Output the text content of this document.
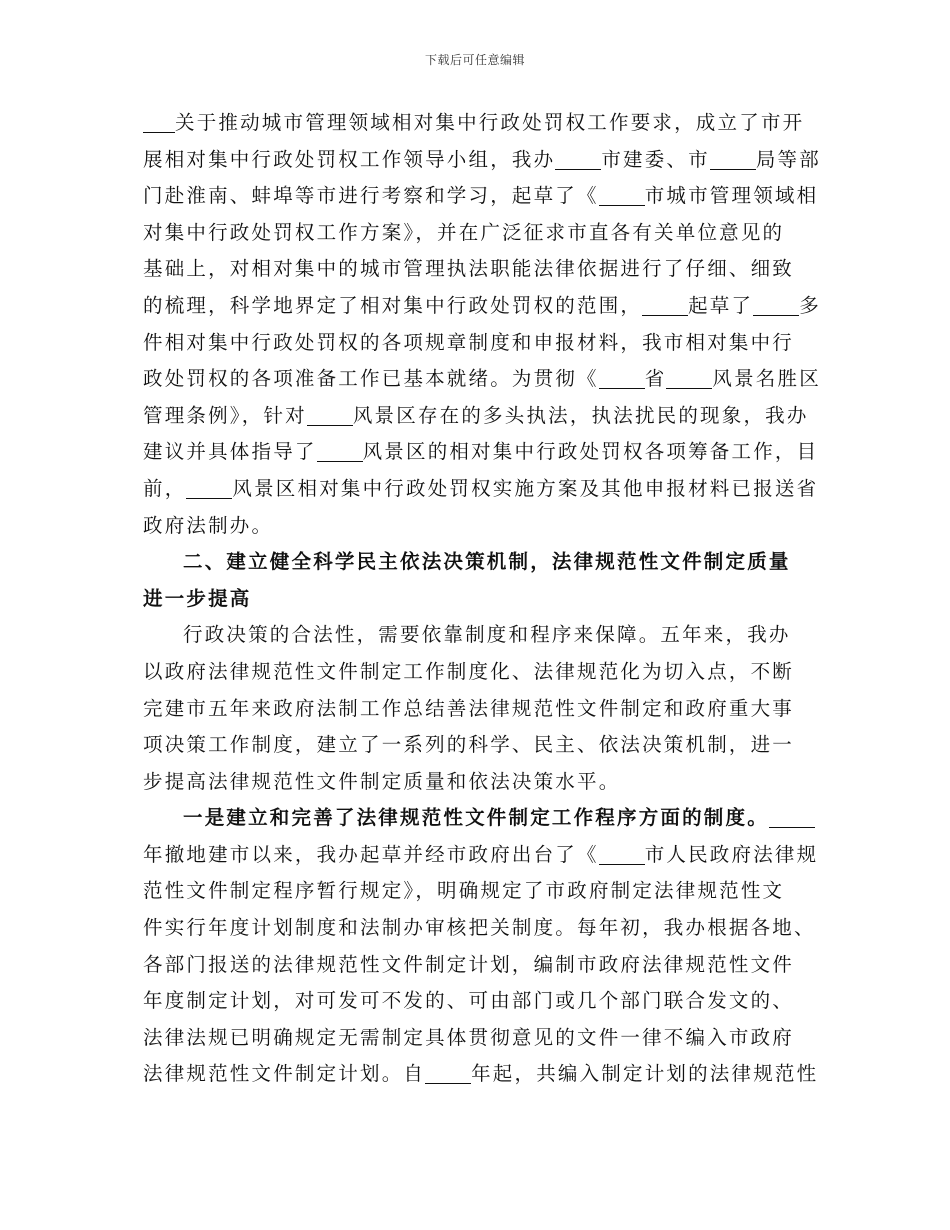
下载后可任意编辑
关于推动城市管理领域相对集中行政处罚权工作要求，成立了市开
展相对集中行政处罚权工作领导小组，我办 市建委、市 局等部
门赴淮南、蚌埠等市进行考察和学习，起草了《 市城市管理领域相
对集中行政处罚权工作方案》，并在广泛征求市直各有关单位意见的
基础上，对相对集中的城市管理执法职能法律依据进行了仔细、细致
的梳理，科学地界定了相对集中行政处罚权的范围， 起草了 多
件相对集中行政处罚权的各项规章制度和申报材料，我市相对集中行
政处罚权的各项准备工作已基本就绪。为贯彻《 省 风景名胜区
管理条例》，针对 风景区存在的多头执法，执法扰民的现象，我办
建议并具体指导了 风景区的相对集中行政处罚权各项筹备工作，目
前， 风景区相对集中行政处罚权实施方案及其他申报材料已报送省
政府法制办。
二、建立健全科学民主依法决策机制，法律规范性文件制定质量
进一步提高
行政决策的合法性，需要依靠制度和程序来保障。五年来，我办
以政府法律规范性文件制定工作制度化、法律规范化为切入点，不断
完建市五年来政府法制工作总结善法律规范性文件制定和政府重大事
项决策工作制度，建立了一系列的科学、民主、依法决策机制，进一
步提高法律规范性文件制定质量和依法决策水平。
一是建立和完善了法律规范性文件制定工作程序方面的制度。
年撤地建市以来，我办起草并经市政府出台了《 市人民政府法律规
范性文件制定程序暂行规定》，明确规定了市政府制定法律规范性文
件实行年度计划制度和法制办审核把关制度。每年初，我办根据各地、
各部门报送的法律规范性文件制定计划，编制市政府法律规范性文件
年度制定计划，对可发可不发的、可由部门或几个部门联合发文的、
法律法规已明确规定无需制定具体贯彻意见的文件一律不编入市政府
法律规范性文件制定计划。自 年起，共编入制定计划的法律规范性
